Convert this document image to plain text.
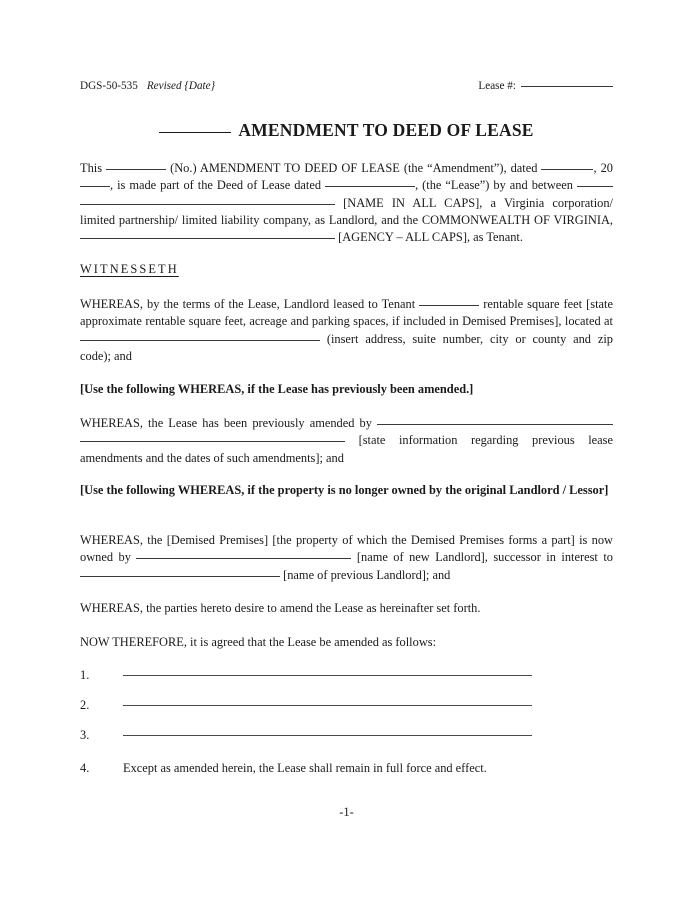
DGS-50-535 Revised {Date}	Lease #:
AMENDMENT TO DEED OF LEASE
This	(No.) AMENDMENT TO DEED OF LEASE (the “Amendment”), dated	, 20, is made part of the Deed of Lease dated	, (the “Lease”) by and between   [NAME IN ALL CAPS], a Virginia corporation/ limited partnership/ limited liability company, as Landlord, and the COMMONWEALTH OF VIRGINIA,  [AGENCY – ALL CAPS], as Tenant.
WITNESSETH
WHEREAS, by the terms of the Lease, Landlord leased to Tenant	rentable square feet [state approximate rentable square feet, acreage and parking spaces, if included in Demised Premises], located at  (insert address, suite number, city or county and zip code); and
[Use the following WHEREAS, if the Lease has previously been amended.]
WHEREAS, the Lease has been previously amended by   [state information regarding previous lease amendments and the dates of such amendments]; and
[Use the following WHEREAS, if the property is no longer owned by the original Landlord / Lessor]
WHEREAS, the [Demised Premises] [the property of which the Demised Premises forms a part] is now owned by	[name of new Landlord], successor in interest to  [name of previous Landlord]; and
WHEREAS, the parties hereto desire to amend the Lease as hereinafter set forth.
NOW THEREFORE, it is agreed that the Lease be amended as follows:
1.
2.
3.
4.	Except as amended herein, the Lease shall remain in full force and effect.
-1-
